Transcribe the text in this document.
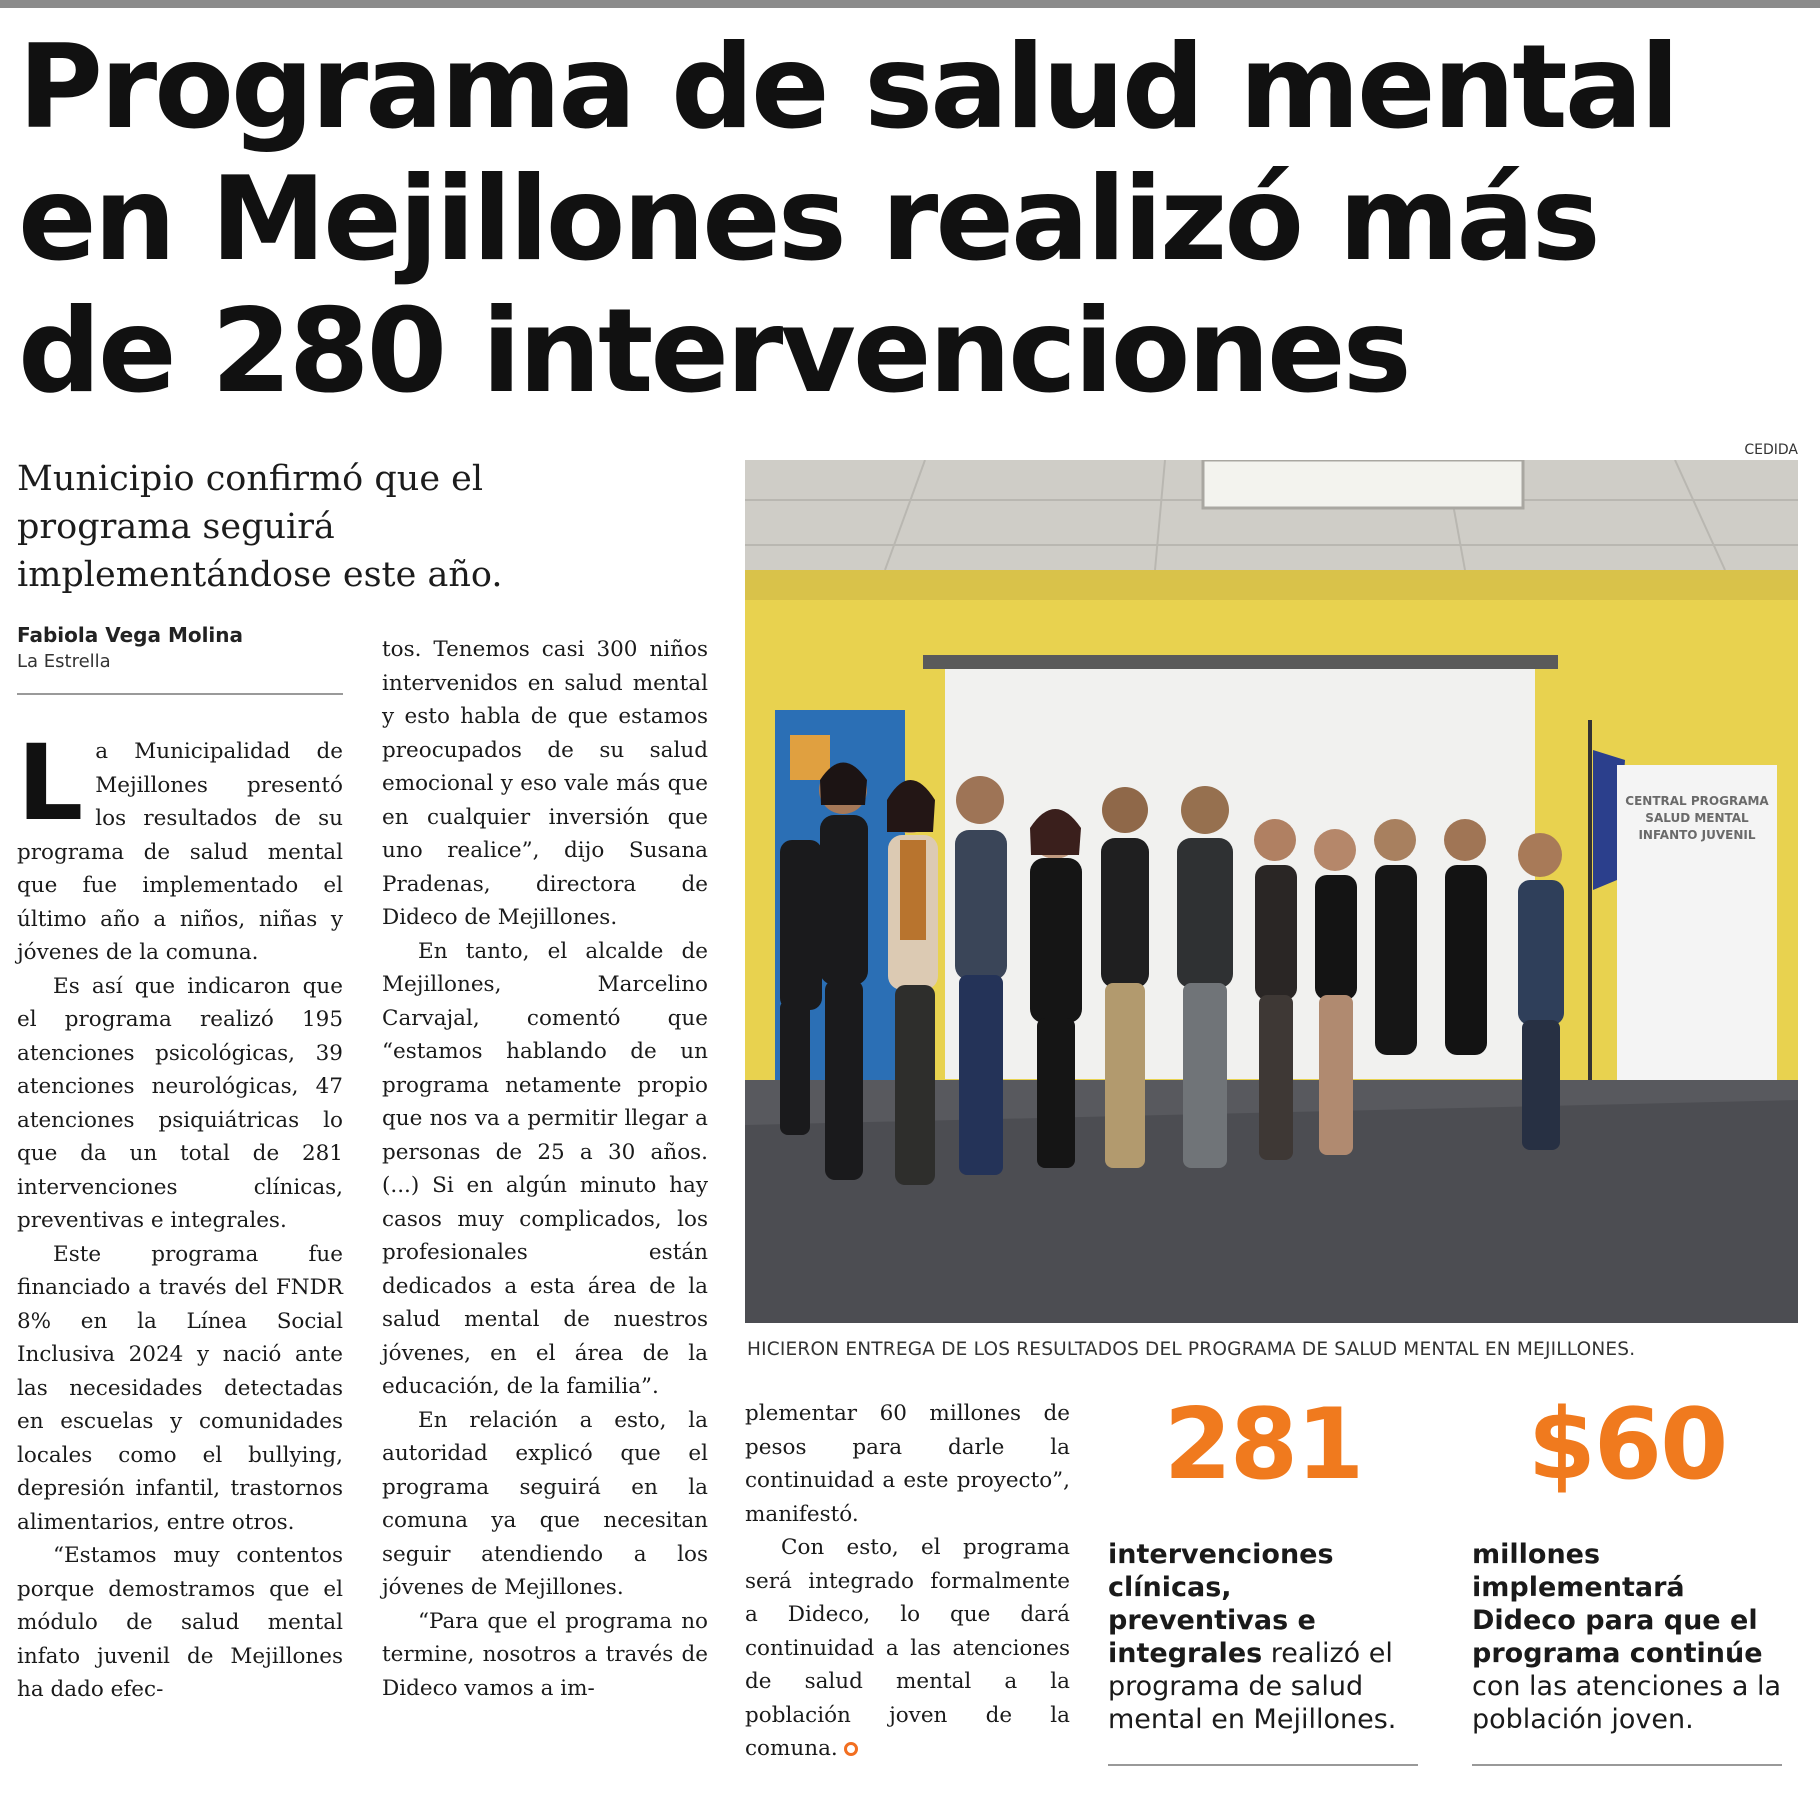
Programa de salud mental en Mejillones realizó más de 280 intervenciones

Municipio confirmó que el programa seguirá implementándose este año.

Fabiola Vega Molina
La Estrella

La Municipalidad de Mejillones presentó los resultados de su programa de salud mental que fue implementado el último año a niños, niñas y jóvenes de la comuna.

Es así que indicaron que el programa realizó 195 atenciones psicológicas, 39 atenciones neurológicas, 47 atenciones psiquiátricas lo que da un total de 281 intervenciones clínicas, preventivas e integrales.

Este programa fue financiado a través del FNDR 8% en la Línea Social Inclusiva 2024 y nació ante las necesidades detectadas en escuelas y comunidades locales como el bullying, depresión infantil, trastornos alimentarios, entre otros.

“Estamos muy contentos porque demostramos que el módulo de salud mental infato juvenil de Mejillones ha dado efec-

tos. Tenemos casi 300 niños intervenidos en salud mental y esto habla de que estamos preocupados de su salud emocional y eso vale más que en cualquier inversión que uno realice”, dijo Susana Pradenas, directora de Dideco de Mejillones.

En tanto, el alcalde de Mejillones, Marcelino Carvajal, comentó que “estamos hablando de un programa netamente propio que nos va a permitir llegar a personas de 25 a 30 años. (...) Si en algún minuto hay casos muy complicados, los profesionales están dedicados a esta área de la salud mental de nuestros jóvenes, en el área de la educación, de la familia”.

En relación a esto, la autoridad explicó que el programa seguirá en la comuna ya que necesitan seguir atendiendo a los jóvenes de Mejillones.

“Para que el programa no termine, nosotros a través de Dideco vamos a im-

plementar 60 millones de pesos para darle la continuidad a este proyecto”, manifestó.

Con esto, el programa será integrado formalmente a Dideco, lo que dará continuidad a las atenciones de salud mental a la población joven de la comuna.

CEDIDA
CENTRAL PROGRAMA
SALUD MENTAL
INFANTO JUVENIL
HICIERON ENTREGA DE LOS RESULTADOS DEL PROGRAMA DE SALUD MENTAL EN MEJILLONES.
281
intervenciones clínicas, preventivas e integrales realizó el programa de salud mental en Mejillones.
$60
millones implementará Dideco para que el programa continúe con las atenciones a la población joven.
